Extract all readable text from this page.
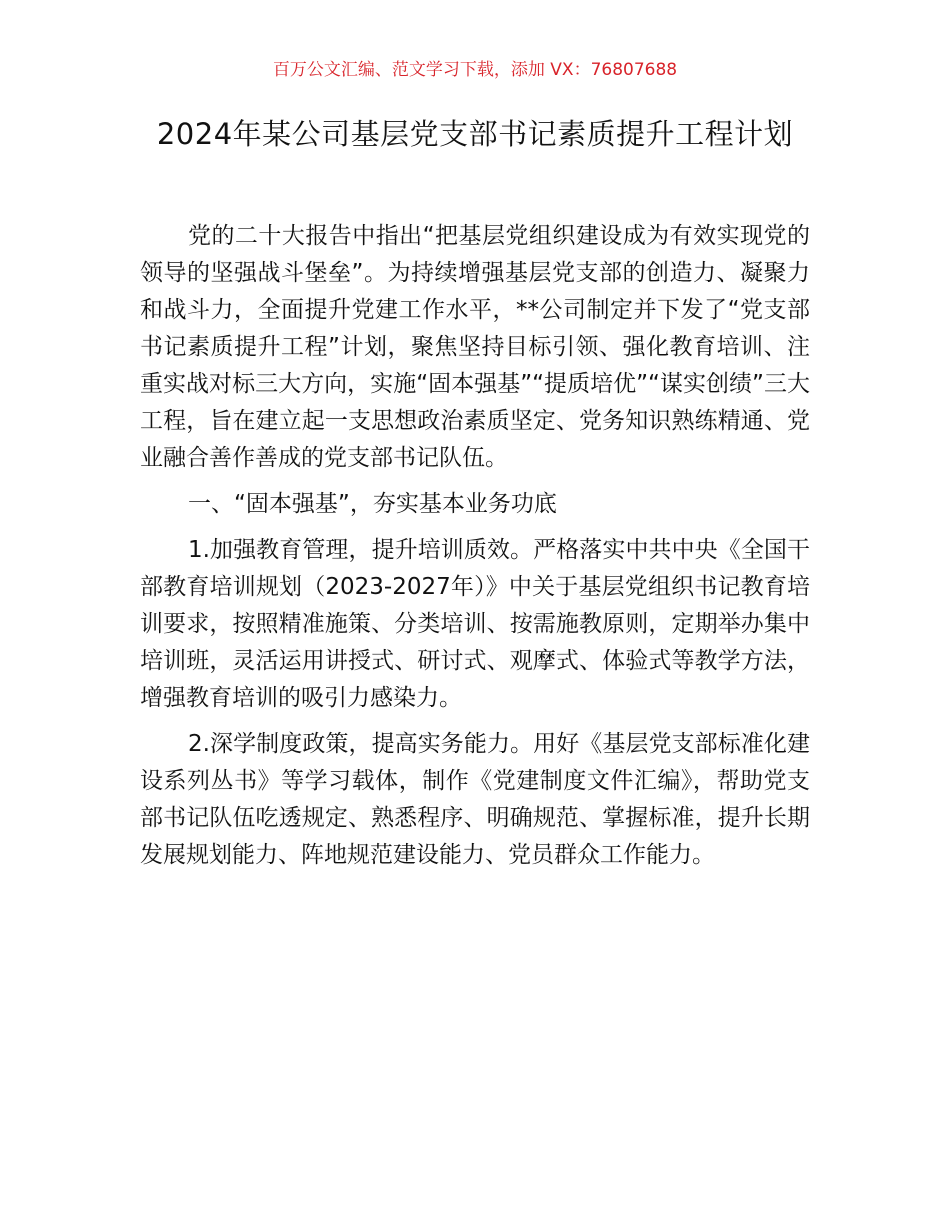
百万公文汇编、范文学习下载，添加 VX：76807688
2024年某公司基层党支部书记素质提升工程计划

党的二十大报告中指出“把基层党组织建设成为有效实现党的领导的坚强战斗堡垒”。为持续增强基层党支部的创造力、凝聚力和战斗力，全面提升党建工作水平，**公司制定并下发了“党支部书记素质提升工程”计划，聚焦坚持目标引领、强化教育培训、注重实战对标三大方向，实施“固本强基”“提质培优”“谋实创绩”三大工程，旨在建立起一支思想政治素质坚定、党务知识熟练精通、党业融合善作善成的党支部书记队伍。

一、“固本强基”，夯实基本业务功底

1.加强教育管理，提升培训质效。严格落实中共中央《全国干部教育培训规划（2023-2027年）》中关于基层党组织书记教育培训要求，按照精准施策、分类培训、按需施教原则，定期举办集中培训班，灵活运用讲授式、研讨式、观摩式、体验式等教学方法，增强教育培训的吸引力感染力。

2.深学制度政策，提高实务能力。用好《基层党支部标准化建设系列丛书》等学习载体，制作《党建制度文件汇编》，帮助党支部书记队伍吃透规定、熟悉程序、明确规范、掌握标准，提升长期发展规划能力、阵地规范建设能力、党员群众工作能力。
